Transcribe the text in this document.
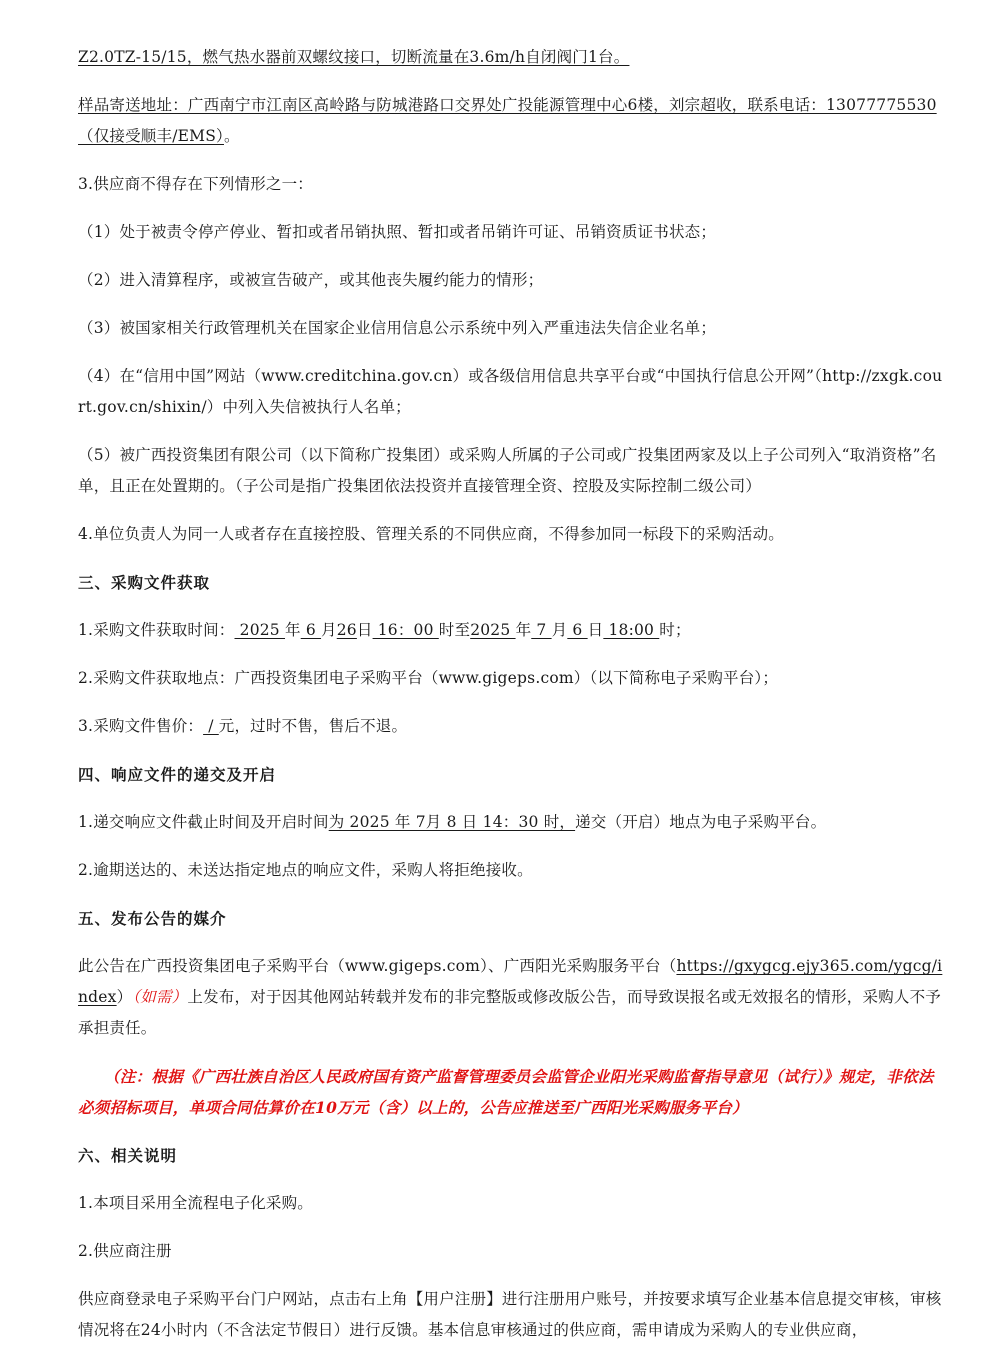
Z2.0TZ-15/15，燃气热水器前双螺纹接口，切断流量在3.6m/h自闭阀门1台。

样品寄送地址：广西南宁市江南区高岭路与防城港路口交界处广投能源管理中心6楼，刘宗超收，联系电话：13077775530（仅接受顺丰/EMS）。

3.供应商不得存在下列情形之一：

（1）处于被责令停产停业、暂扣或者吊销执照、暂扣或者吊销许可证、吊销资质证书状态；

（2）进入清算程序，或被宣告破产，或其他丧失履约能力的情形；

（3）被国家相关行政管理机关在国家企业信用信息公示系统中列入严重违法失信企业名单；

（4）在“信用中国”网站（www.creditchina.gov.cn）或各级信用信息共享平台或“中国执行信息公开网”（http://zxgk.court.gov.cn/shixin/）中列入失信被执行人名单；

（5）被广西投资集团有限公司（以下简称广投集团）或采购人所属的子公司或广投集团两家及以上子公司列入“取消资格”名单，且正在处置期的。（子公司是指广投集团依法投资并直接管理全资、控股及实际控制二级公司）

4.单位负责人为同一人或者存在直接控股、管理关系的不同供应商，不得参加同一标段下的采购活动。

三、采购文件获取

1.采购文件获取时间： 2025 年 6 月26日 16：00 时至2025 年 7 月 6 日 18:00 时；

2.采购文件获取地点：广西投资集团电子采购平台（www.gigeps.com）（以下简称电子采购平台）；

3.采购文件售价： / 元，过时不售，售后不退。

四、响应文件的递交及开启

1.递交响应文件截止时间及开启时间为 2025 年 7月 8 日 14：30 时，递交（开启）地点为电子采购平台。

2.逾期送达的、未送达指定地点的响应文件，采购人将拒绝接收。

五、发布公告的媒介

此公告在广西投资集团电子采购平台（www.gigeps.com）、广西阳光采购服务平台（https://gxygcg.ejy365.com/ygcg/index）（如需）上发布，对于因其他网站转载并发布的非完整版或修改版公告，而导致误报名或无效报名的情形，采购人不予承担责任。

（注：根据《广西壮族自治区人民政府国有资产监督管理委员会监管企业阳光采购监督指导意见（试行）》规定，非依法必须招标项目，单项合同估算价在10万元（含）以上的，公告应推送至广西阳光采购服务平台）

六、相关说明

1.本项目采用全流程电子化采购。

2.供应商注册

供应商登录电子采购平台门户网站，点击右上角【用户注册】进行注册用户账号，并按要求填写企业基本信息提交审核，审核情况将在24小时内（不含法定节假日）进行反馈。基本信息审核通过的供应商，需申请成为采购人的专业供应商，
